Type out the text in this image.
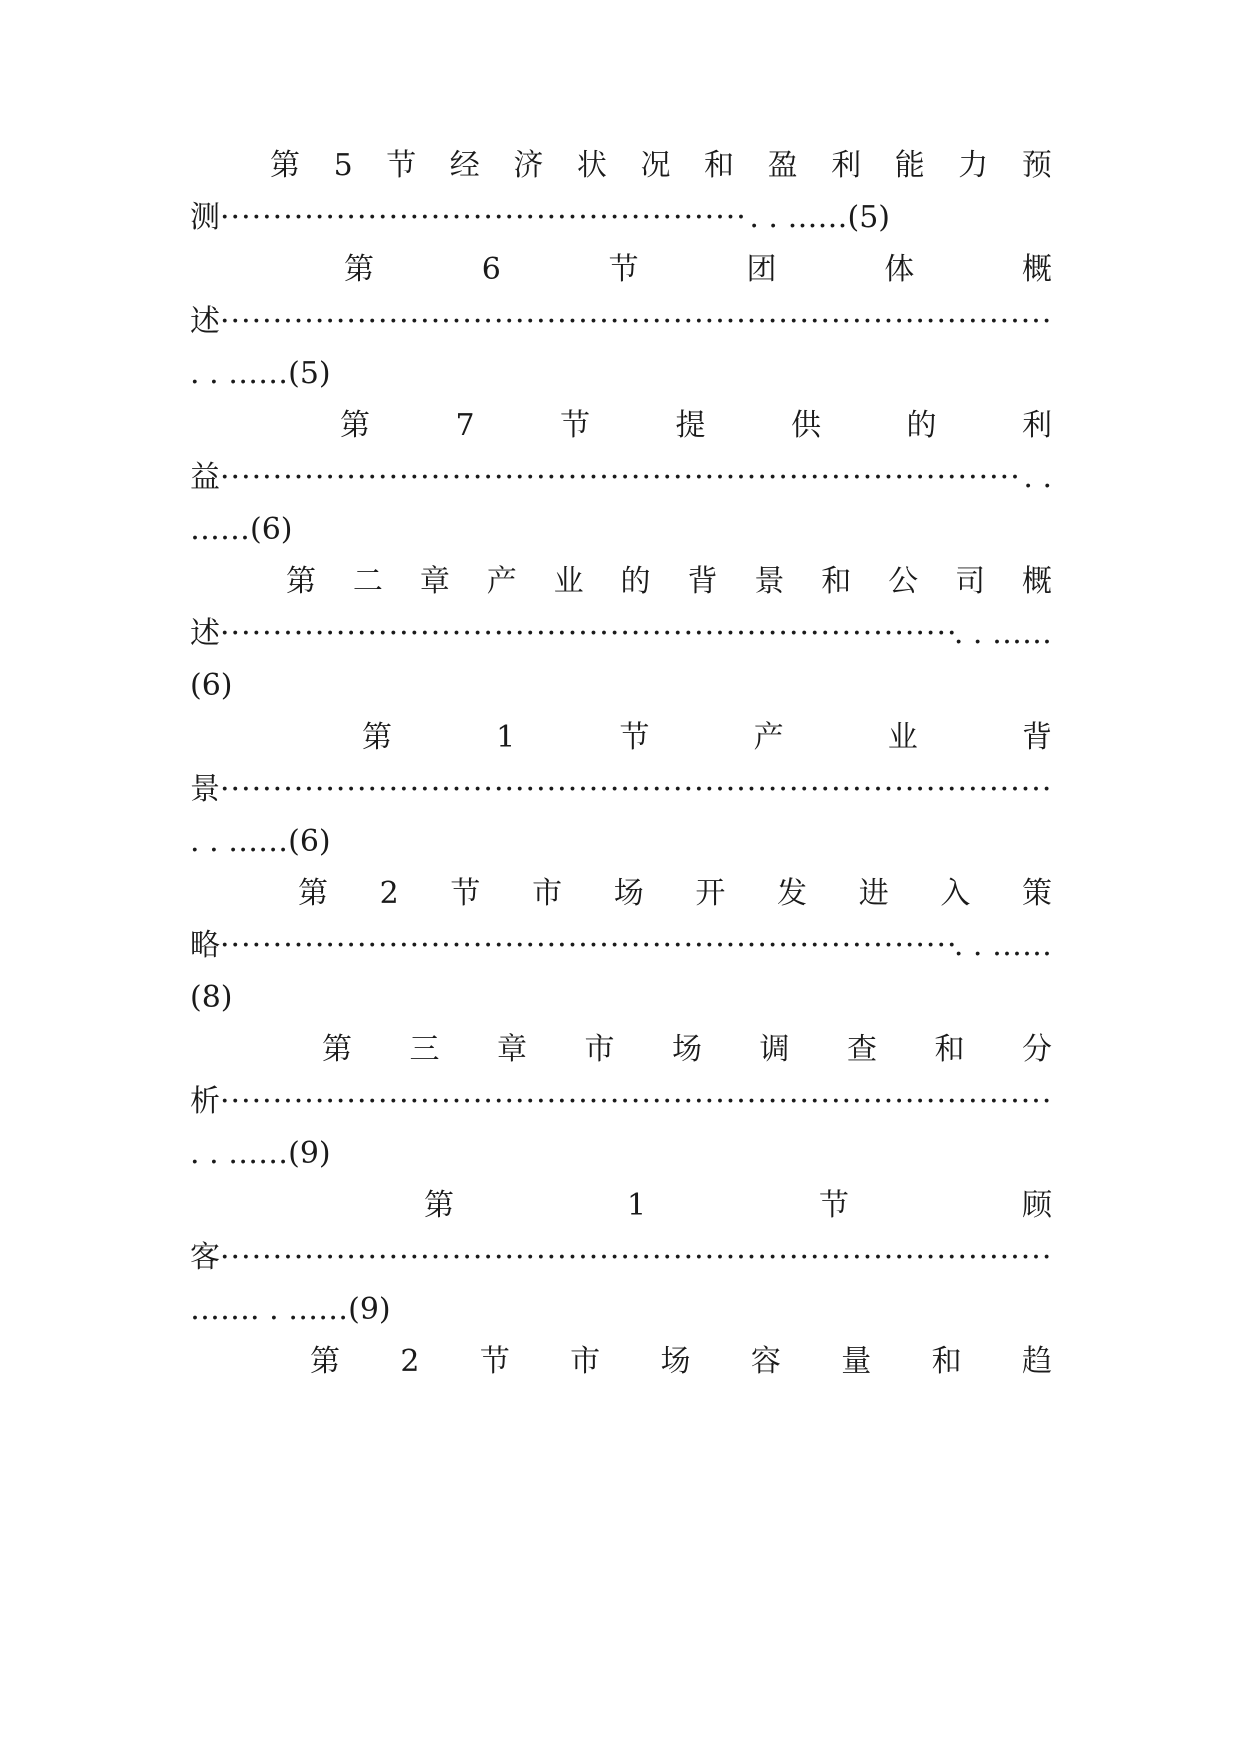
第 5 节 经 济 状 况 和 盈 利 能 力 预
测 ·····	. . ……(5)
第	6	节	团	体	概
述
·····
. . ……(5)
第	7	节	提	供	的	利
益 ·····	. .
……(6)
第 二 章 产 业 的 背 景 和 公 司 概
述 ·····	. . ……
(6)
第	1	节	产	业	背
景
·····
. . ……(6)
第 2 节 市 场 开 发 进 入 策
略 ·····	. . ……
(8)
第 三 章 市 场 调 查 和 分
析
·····
. . ……(9)
第	1	节	顾
客
·····
……. . ……(9)
第 2 节 市 场 容 量 和 趋
